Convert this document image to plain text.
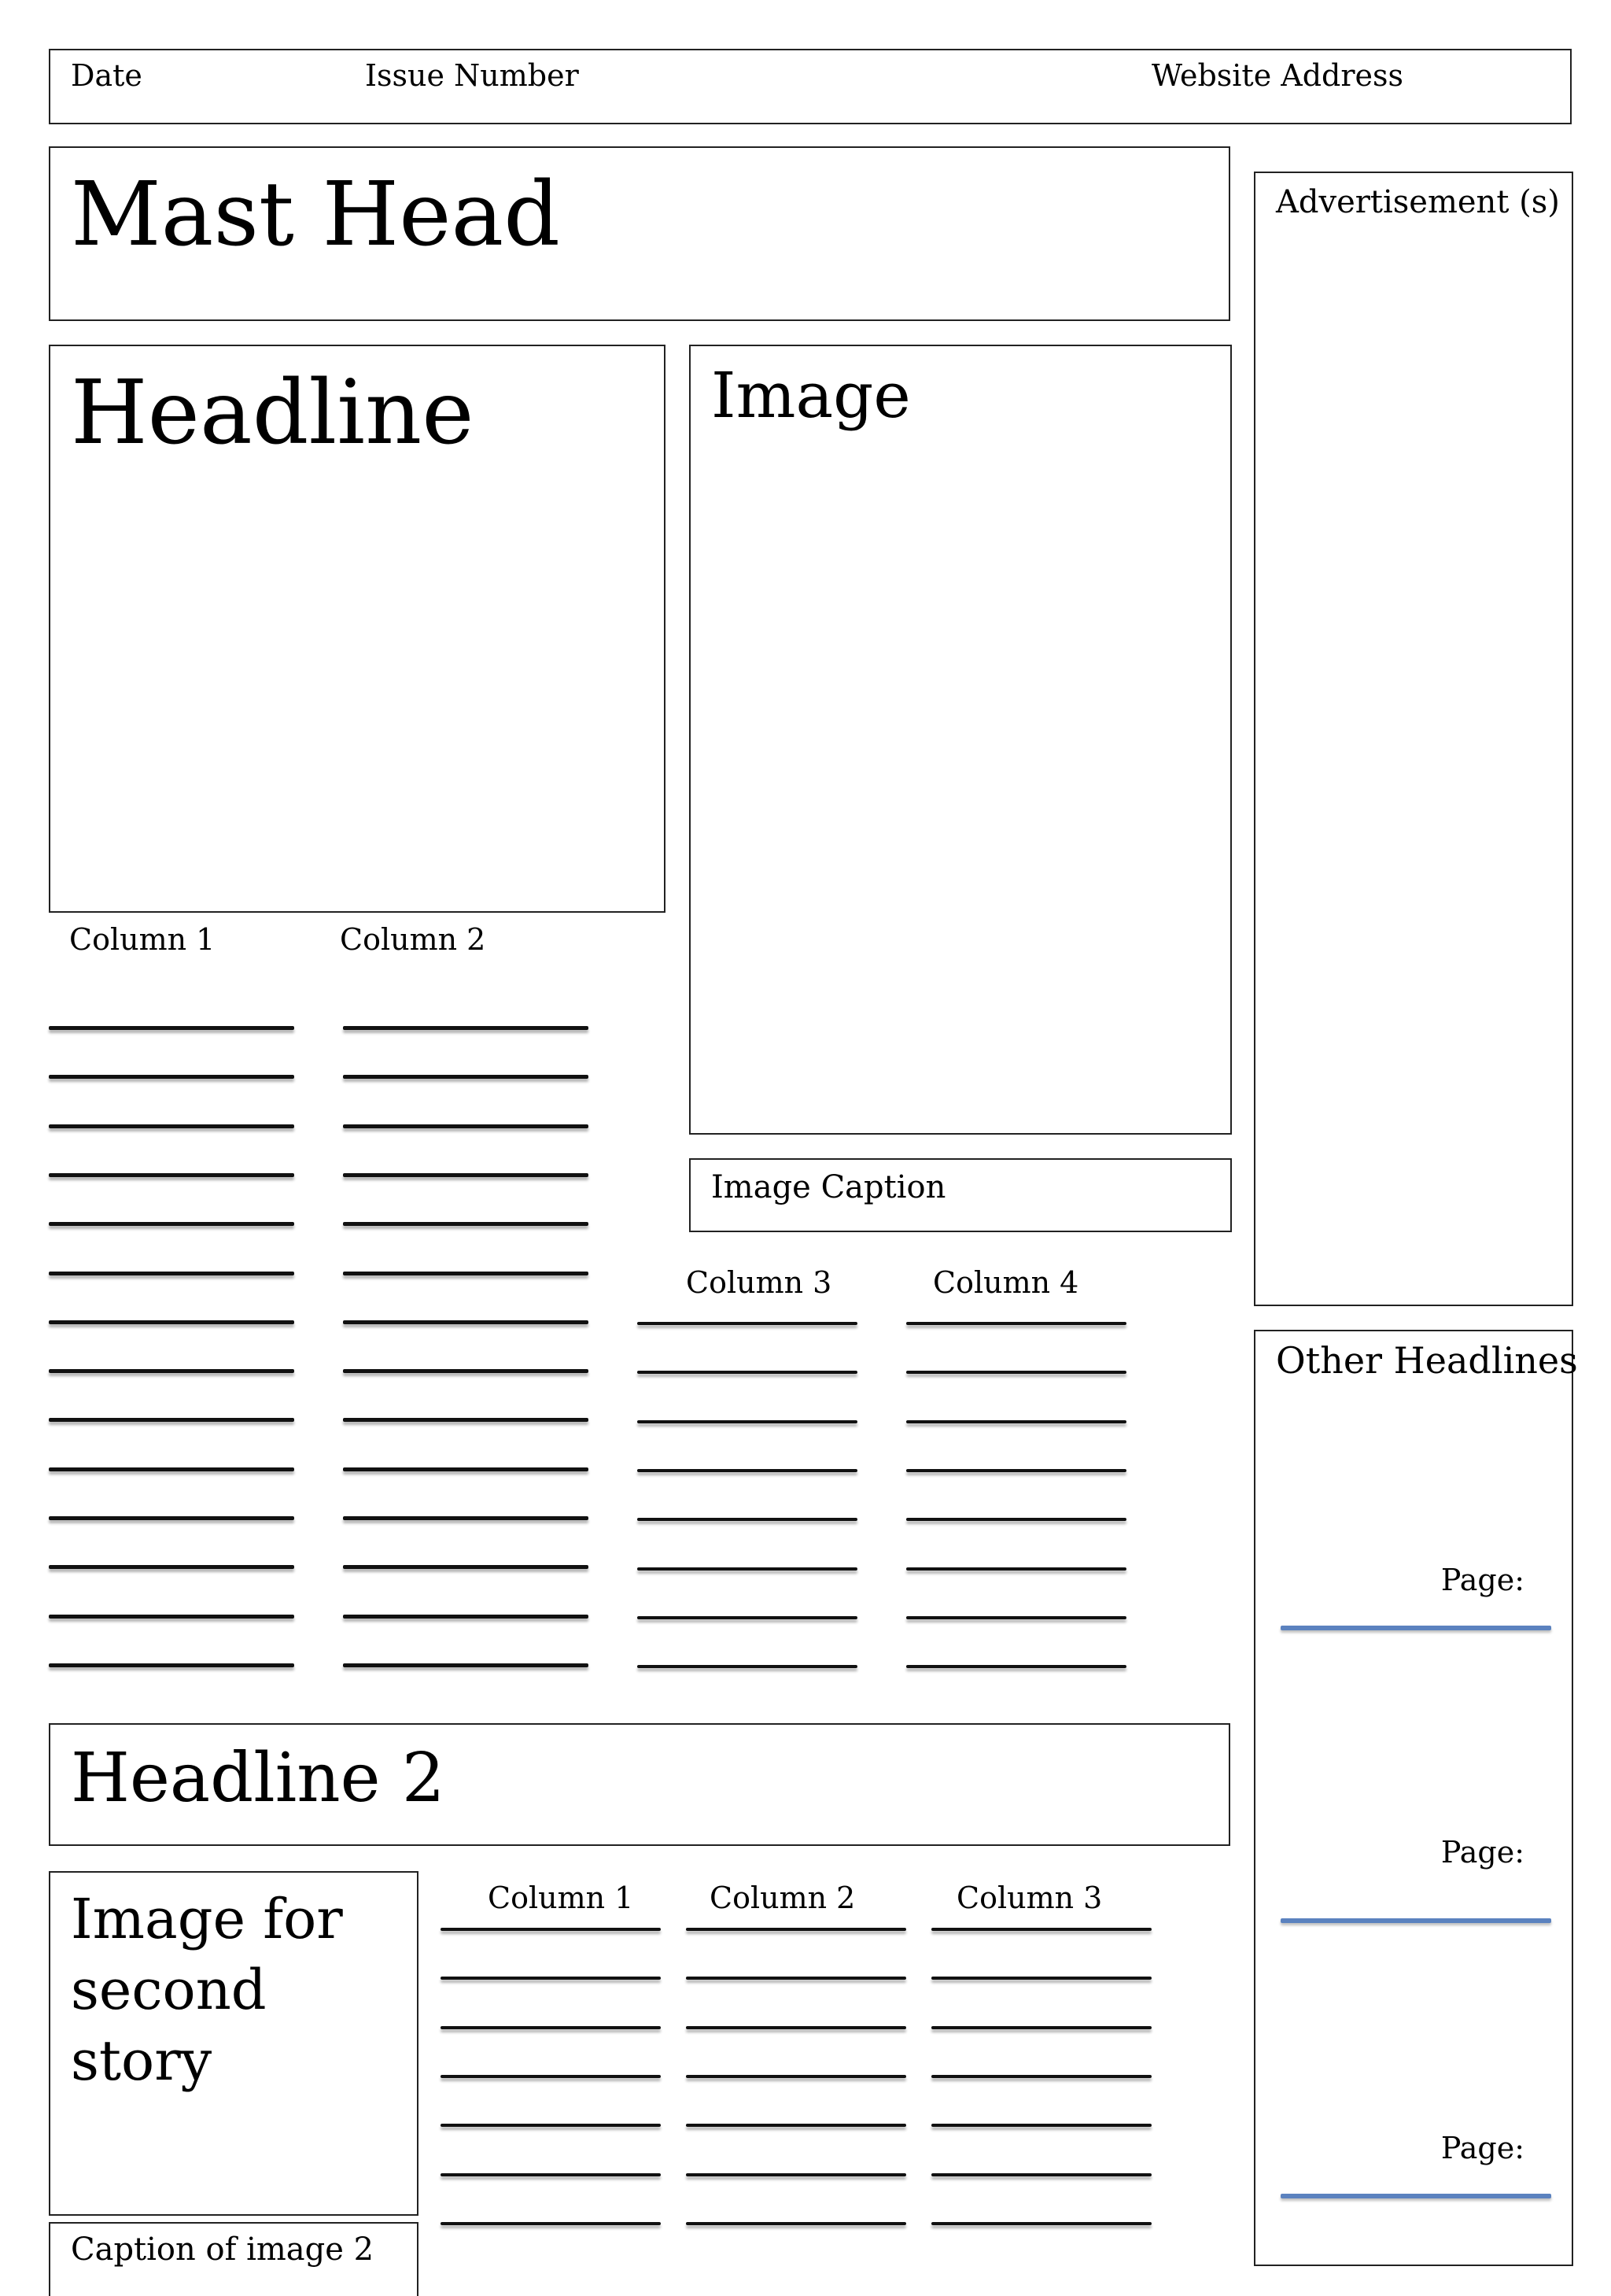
Date	Issue Number	Website Address
Mast Head	Advertisement (s)
Headline	Image
Image Caption
Column 1	Column 2
Column 3	Column 4
Other Headlines
Page:
Page:
Page:
Headline 2
Image for second story
Caption of image 2
Column 1	Column 2	Column 3
